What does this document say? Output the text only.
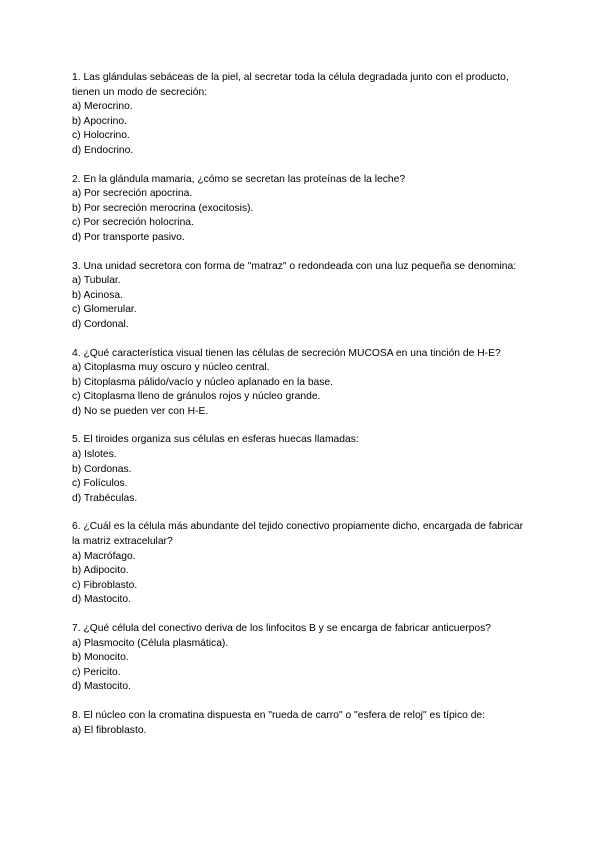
1. Las glándulas sebáceas de la piel, al secretar toda la célula degradada junto con el producto, tienen un modo de secreción:

a) Merocrino.

b) Apocrino.

c) Holocrino.

d) Endocrino.

2. En la glándula mamaria, ¿cómo se secretan las proteínas de la leche?

a) Por secreción apocrina.

b) Por secreción merocrina (exocitosis).

c) Por secreción holocrina.

d) Por transporte pasivo.

3. Una unidad secretora con forma de "matraz" o redondeada con una luz pequeña se denomina:

a) Tubular.

b) Acinosa.

c) Glomerular.

d) Cordonal.

4. ¿Qué característica visual tienen las células de secreción MUCOSA en una tinción de H-E?

a) Citoplasma muy oscuro y núcleo central.

b) Citoplasma pálido/vacío y núcleo aplanado en la base.

c) Citoplasma lleno de gránulos rojos y núcleo grande.

d) No se pueden ver con H-E.

5. El tiroides organiza sus células en esferas huecas llamadas:

a) Islotes.

b) Cordonas.

c) Folículos.

d) Trabéculas.

6. ¿Cuál es la célula más abundante del tejido conectivo propiamente dicho, encargada de fabricar la matriz extracelular?

a) Macrófago.

b) Adipocito.

c) Fibroblasto.

d) Mastocito.

7. ¿Qué célula del conectivo deriva de los linfocitos B y se encarga de fabricar anticuerpos?

a) Plasmocito (Célula plasmática).

b) Monocito.

c) Pericito.

d) Mastocito.

8. El núcleo con la cromatina dispuesta en "rueda de carro" o "esfera de reloj" es típico de:

a) El fibroblasto.
